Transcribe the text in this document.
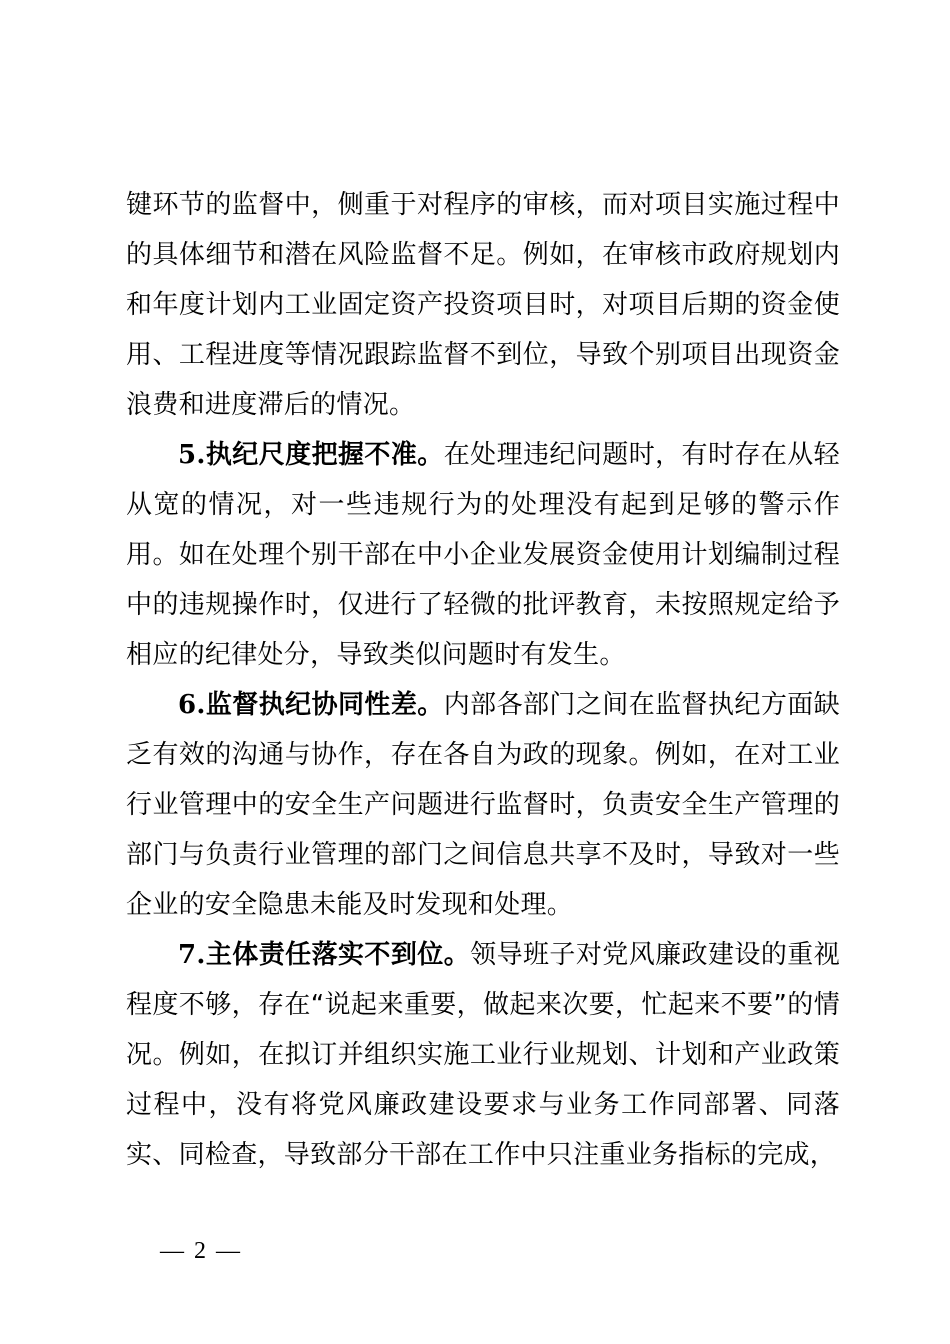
键环节的监督中，侧重于对程序的审核，而对项目实施过程中的具体细节和潜在风险监督不足。例如，在审核市政府规划内和年度计划内工业固定资产投资项目时，对项目后期的资金使用、工程进度等情况跟踪监督不到位，导致个别项目出现资金浪费和进度滞后的情况。

5.执纪尺度把握不准。在处理违纪问题时，有时存在从轻从宽的情况，对一些违规行为的处理没有起到足够的警示作用。如在处理个别干部在中小企业发展资金使用计划编制过程中的违规操作时，仅进行了轻微的批评教育，未按照规定给予相应的纪律处分，导致类似问题时有发生。

6.监督执纪协同性差。内部各部门之间在监督执纪方面缺乏有效的沟通与协作，存在各自为政的现象。例如，在对工业行业管理中的安全生产问题进行监督时，负责安全生产管理的部门与负责行业管理的部门之间信息共享不及时，导致对一些企业的安全隐患未能及时发现和处理。

7.主体责任落实不到位。领导班子对党风廉政建设的重视程度不够，存在“说起来重要，做起来次要，忙起来不要”的情况。例如，在拟订并组织实施工业行业规划、计划和产业政策过程中，没有将党风廉政建设要求与业务工作同部署、同落实、同检查，导致部分干部在工作中只注重业务指标的完成，

— 2 —
